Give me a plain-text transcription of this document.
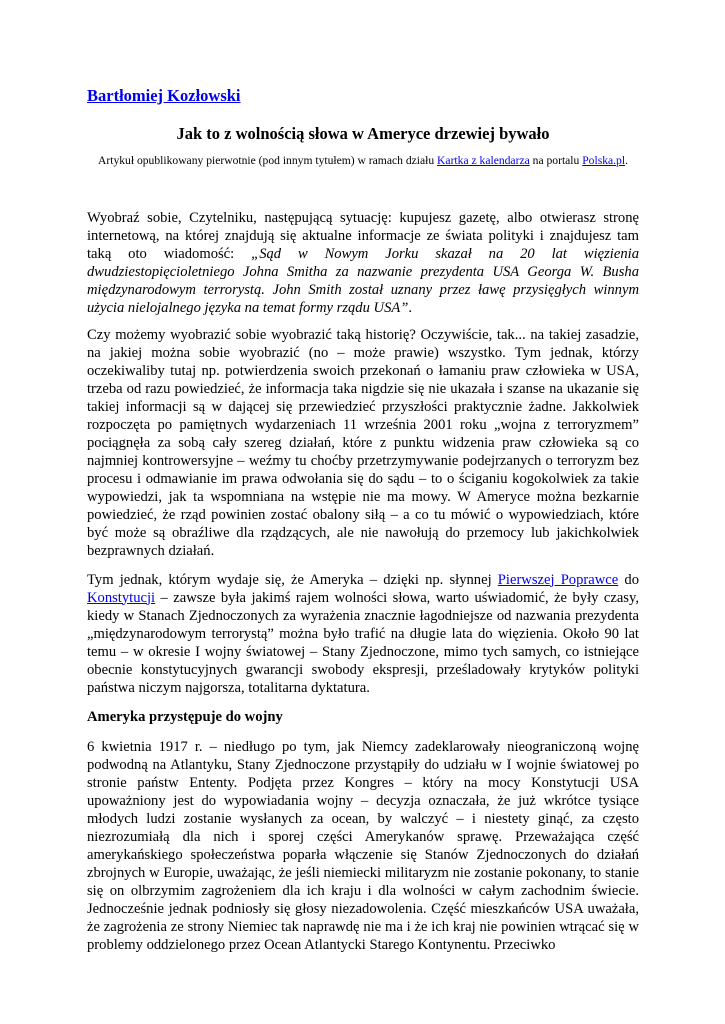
Bartłomiej Kozłowski
Jak to z wolnością słowa w Ameryce drzewiej bywało
Artykuł opublikowany pierwotnie (pod innym tytułem) w ramach działu Kartka z kalendarza na portalu Polska.pl.

Wyobraź sobie, Czytelniku, następującą sytuację: kupujesz gazetę, albo otwierasz stronę internetową, na której znajdują się aktualne informacje ze świata polityki i znajdujesz tam taką oto wiadomość: „Sąd w Nowym Jorku skazał na 20 lat więzienia dwudziestopięcioletniego Johna Smitha za nazwanie prezydenta USA Georga W. Busha międzynarodowym terrorystą. John Smith został uznany przez ławę przysięgłych winnym użycia nielojalnego języka na temat formy rządu USA”.

Czy możemy wyobrazić sobie wyobrazić taką historię? Oczywiście, tak... na takiej zasadzie, na jakiej można sobie wyobrazić (no – może prawie) wszystko. Tym jednak, którzy oczekiwaliby tutaj np. potwierdzenia swoich przekonań o łamaniu praw człowieka w USA, trzeba od razu powiedzieć, że informacja taka nigdzie się nie ukazała i szanse na ukazanie się takiej informacji są w dającej się przewiedzieć przyszłości praktycznie żadne. Jakkolwiek rozpoczęta po pamiętnych wydarzeniach 11 września 2001 roku „wojna z terroryzmem” pociągnęła za sobą cały szereg działań, które z punktu widzenia praw człowieka są co najmniej kontrowersyjne – weźmy tu choćby przetrzymywanie podejrzanych o terroryzm bez procesu i odmawianie im prawa odwołania się do sądu – to o ściganiu kogokolwiek za takie wypowiedzi, jak ta wspomniana na wstępie nie ma mowy. W Ameryce można bezkarnie powiedzieć, że rząd powinien zostać obalony siłą – a co tu mówić o wypowiedziach, które być może są obraźliwe dla rządzących, ale nie nawołują do przemocy lub jakichkolwiek bezprawnych działań.

Tym jednak, którym wydaje się, że Ameryka – dzięki np. słynnej Pierwszej Poprawce do Konstytucji – zawsze była jakimś rajem wolności słowa, warto uświadomić, że były czasy, kiedy w Stanach Zjednoczonych za wyrażenia znacznie łagodniejsze od nazwania prezydenta „międzynarodowym terrorystą” można było trafić na długie lata do więzienia. Około 90 lat temu – w okresie I wojny światowej – Stany Zjednoczone, mimo tych samych, co istniejące obecnie konstytucyjnych gwarancji swobody ekspresji, prześladowały krytyków polityki państwa niczym najgorsza, totalitarna dyktatura.

Ameryka przystępuje do wojny

6 kwietnia 1917 r. – niedługo po tym, jak Niemcy zadeklarowały nieograniczoną wojnę podwodną na Atlantyku, Stany Zjednoczone przystąpiły do udziału w I wojnie światowej po stronie państw Ententy. Podjęta przez Kongres – który na mocy Konstytucji USA upoważniony jest do wypowiadania wojny – decyzja oznaczała, że już wkrótce tysiące młodych ludzi zostanie wysłanych za ocean, by walczyć – i niestety ginąć, za często niezrozumiałą dla nich i sporej części Amerykanów sprawę. Przeważająca część amerykańskiego społeczeństwa poparła włączenie się Stanów Zjednoczonych do działań zbrojnych w Europie, uważając, że jeśli niemiecki militaryzm nie zostanie pokonany, to stanie się on olbrzymim zagrożeniem dla ich kraju i dla wolności w całym zachodnim świecie. Jednocześnie jednak podniosły się głosy niezadowolenia. Część mieszkańców USA uważała, że zagrożenia ze strony Niemiec tak naprawdę nie ma i że ich kraj nie powinien wtrącać się w problemy oddzielonego przez Ocean Atlantycki Starego Kontynentu. Przeciwko
